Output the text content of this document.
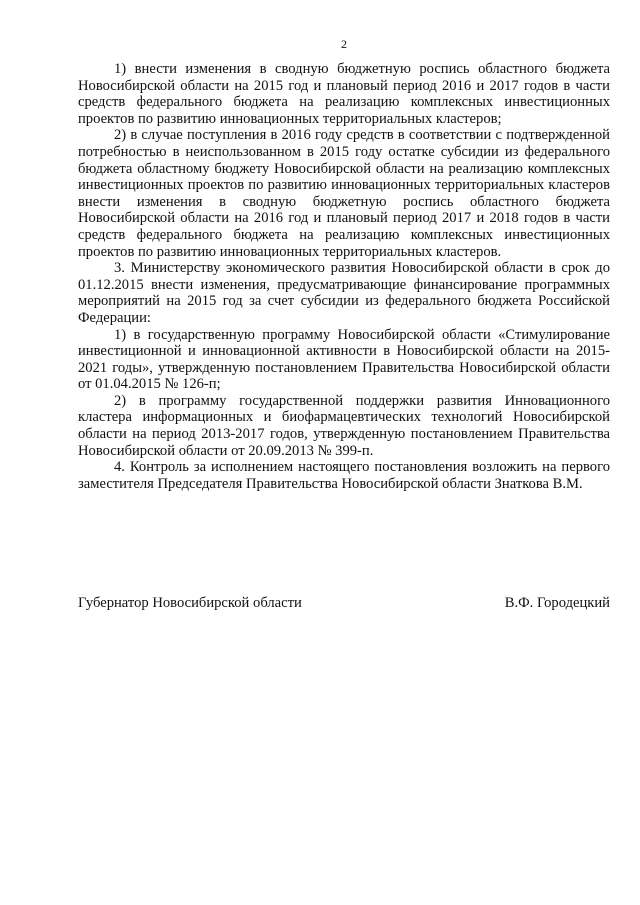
2

1) внести изменения в сводную бюджетную роспись областного бюджета Новосибирской области на 2015 год и плановый период 2016 и 2017 годов в части средств федерального бюджета на реализацию комплексных инвестиционных проектов по развитию инновационных территориальных кластеров;

2) в случае поступления в 2016 году средств в соответствии с подтвержденной потребностью в неиспользованном в 2015 году остатке субсидии из федерального бюджета областному бюджету Новосибирской области на реализацию комплексных инвестиционных проектов по развитию инновационных территориальных кластеров внести изменения в сводную бюджетную роспись областного бюджета Новосибирской области на 2016 год и плановый период 2017 и 2018 годов в части средств федерального бюджета на реализацию комплексных инвестиционных проектов по развитию инновационных территориальных кластеров.

3. Министерству экономического развития Новосибирской области в срок до 01.12.2015 внести изменения, предусматривающие финансирование программных мероприятий на 2015 год за счет субсидии из федерального бюджета Российской Федерации:

1) в государственную программу Новосибирской области «Стимулирование инвестиционной и инновационной активности в Новосибирской области на 2015-2021 годы», утвержденную постановлением Правительства Новосибирской области от 01.04.2015 № 126-п;

2) в программу государственной поддержки развития Инновационного кластера информационных и биофармацевтических технологий Новосибирской области на период 2013-2017 годов, утвержденную постановлением Правительства Новосибирской области от 20.09.2013 № 399-п.

4. Контроль за исполнением настоящего постановления возложить на первого заместителя Председателя Правительства Новосибирской области Знаткова В.М.

Губернатор Новосибирской области	В.Ф. Городецкий
